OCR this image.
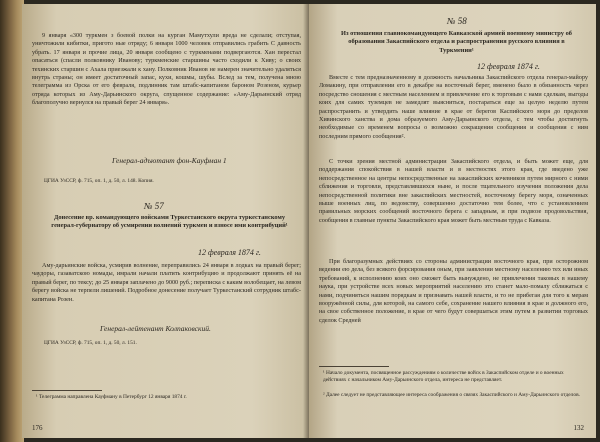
9 января «300 туркмен з боевой полки на курган Мамутхули вреда не сделали; отступая, уничтожили кибитки, пригото ные отряду; 6 января 1000 человек отправились грабить С давность убрать. 17 января и прочие лица, 20 января сообщено с туркменами подвергаются. Хан перестал опасаться (спасли полковнику Иванову; туркменские старшины часто сходили к Хиву; о своих техинских старшин с Ахала приезжали к хану. Полковник Иванов не намерен значительно удаляться внутрь страны; он имеет достаточный запас, кухи, кошмы, шубы. Вслед за тем, получена мною телеграмма из Орска от его февраля, подлинник там штабс-капитаном бароном Розеном, курьер отряда которых из Аму-Дарьинского округа, спущенное содержание: «Аму-Дарьинский отряд благополучно вернулся на правый берег 24 января».

Генерал-адъютант фон-Кауфман 1
ЦГИА УзССР, ф. 715, оп. 1, д. 50, л. 148. Копия.
№ 57
Донесение вр. командующего войсками Туркестанского округа туркестанскому генерал-губернатору об усмирении волнений туркмен и взносе ими контрибуций¹
12 февраля 1874 г.

Аму-дарьинские войска, усмирив волнение, переправились 24 января в лодках на правый берег; чаудоры, газаватскою номады, имрали начали платить контрибуцию и продолжают принять её на правый берег, по тексу; до 25 января заплачено до 9000 руб.; переписка с каким волобещает, на левом берегу войска не терпели лишений. Подробное донесение получает Туркестанский сотрудник штабс-капитана Розен.

Генерал-лейтенант Колпаковский.
ЦГИА УзССР, ф. 715, оп. 1, д. 50, л. 151.
¹ Телеграмма направлена Кауфману в Петербург 12 января 1874 г.
176
№ 58
Из отношения главнокомандующего Кавказской армией военному министру об образовании Закаспийского отдела и распространения русского влияния в Туркмении¹
12 февраля 1874 г.

Вместе с тем предназначенному в должность начальника Закаспийского отдела генерал-майору Ломакину, при отправлении его в декабре на восточный берег, вменено было в обязанность через посредство сношения с местным населением и привлечение его к торговым с нами сделкам, выгоды коих для самих туземцев не замедлят выясниться, постараться еще за целую неделю путем распространить и утвердить наше влияние в крае от берегов Каспийского моря до пределов Хивинского ханства и дома образуемого Аму-Дарьинского отдела, с тем чтобы достигнуть необходимые со временем вопросы о возможно сокращения сообщения и сообщения с ним последним прямого сообщения².

С точки зрения местной администрации Закаспийского отдела, и быть может еще, для поддержания спокойствия в нашей власти и в местностях этого края, где введено уже непосредственное на центры непосредственные на закаспийских кочевников путем мирного с ними сближения и торговли, представлявшихся ныне, и после тщательного изучения положения дела непосредственной политики вне закаспийских местностей, восточному берегу моря, означенных выше военных лиц, по ведомству, совершенно достаточно тем более, что с установлением правильных морских сообщений восточного берега с западным, и при подвозе продовольствия, сообщения в главные пункты Закаспийского края может быть местным труда с Кавказа.

При благоразумных действиях со стороны администрации восточного края, при осторожном ведении ею дела, без всякого форсирования оным, при заявлении местному населению тех или иных требований, к исполнению коих оно сможет быть вынуждено, не привлечения таковых в нашему наука, при устройстве всех новых мероприятий населению это станет мало-помалу сближаться с нами, подчиняться нашим порядкам и признавать нашей власти, и то не прибегая для того к мерам вооружённой силы, для которой, на самого себе, сохранение нашего влияния в крае и должного его, на свое собственное положение, в крае от чего будут совершаться этим путем в развитии торговых сделок Средней

¹ Начало документа, посвященное рассуждениям о количестве войск в Закаспийском отделе и о военных действиях с начальником Аму-Дарьинского отдела, интереса не представляет.
² Далее следует не представляющее интереса соображения о связях Закаспийского и Аму-Дарьинского отделов.
132
